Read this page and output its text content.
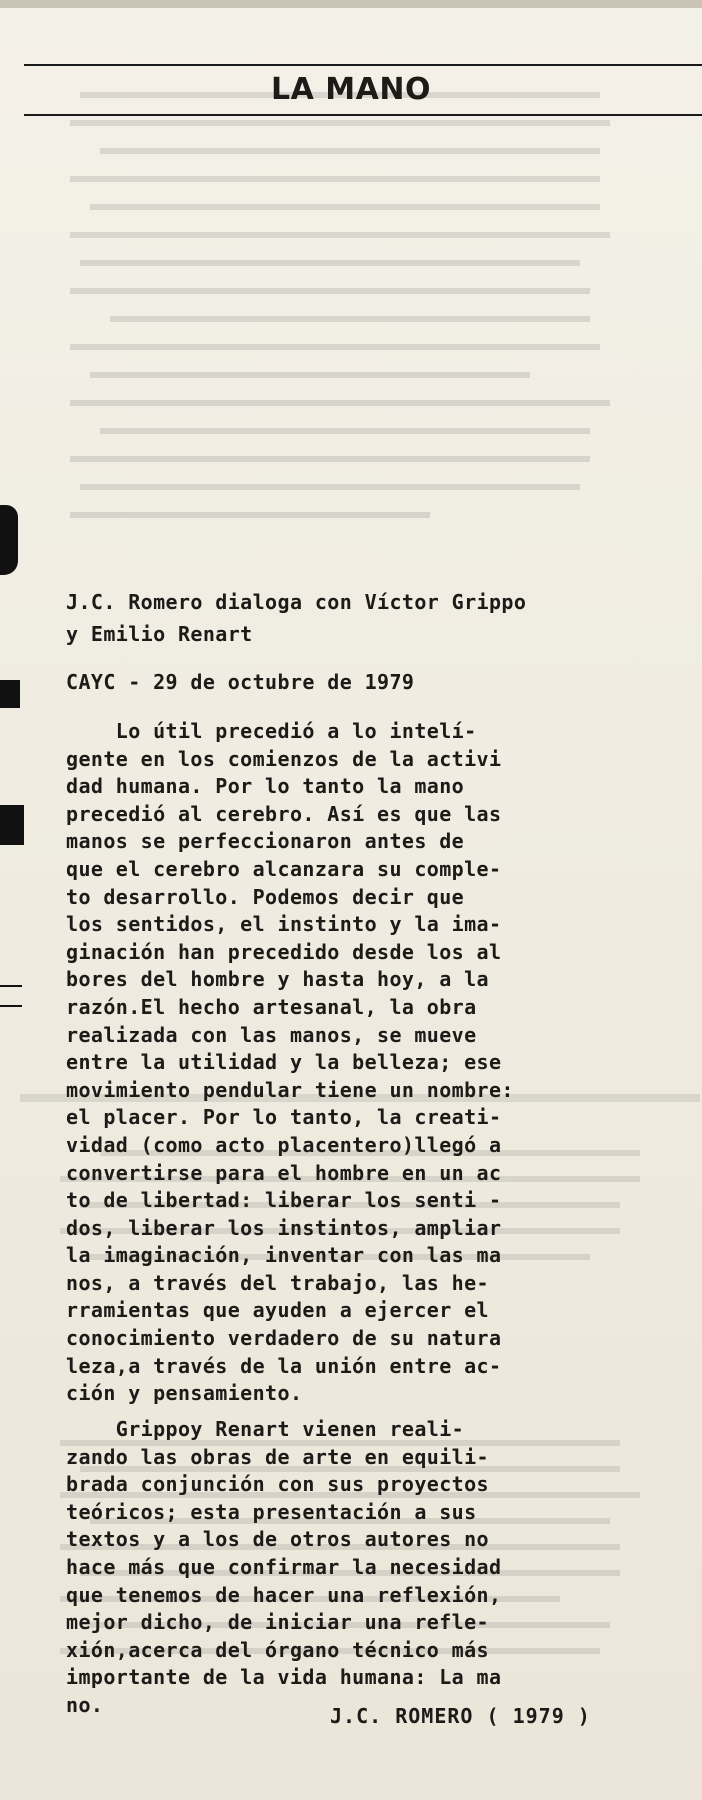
LA MANO
J.C. Romero dialoga con Víctor Grippo
y Emilio Renart
CAYC - 29 de octubre de 1979
Lo útil precedió a lo intelí-
gente en los comienzos de la activi
dad humana. Por lo tanto la mano
precedió al cerebro. Así es que las
manos se perfeccionaron antes de
que el cerebro alcanzara su comple-
to desarrollo. Podemos decir que
los sentidos, el instinto y la ima-
ginación han precedido desde los al
bores del hombre y hasta hoy, a la
razón.El hecho artesanal, la obra
realizada con las manos, se mueve
entre la utilidad y la belleza; ese
movimiento pendular tiene un nombre:
el placer. Por lo tanto, la creati-
vidad (como acto placentero)llegó a
convertirse para el hombre en un ac
to de libertad: liberar los senti -
dos, liberar los instintos, ampliar
la imaginación, inventar con las ma
nos, a través del trabajo, las he-
rramientas que ayuden a ejercer el
conocimiento verdadero de su natura
leza,a través de la unión entre ac-
ción y pensamiento.
Grippoy Renart vienen reali-
zando las obras de arte en equili-
brada conjunción con sus proyectos
teóricos; esta presentación a sus
textos y a los de otros autores no
hace más que confirmar la necesidad
que tenemos de hacer una reflexión,
mejor dicho, de iniciar una refle-
xión,acerca del órgano técnico más
importante de la vida humana: La ma
no.	J.C. ROMERO ( 1979 )
